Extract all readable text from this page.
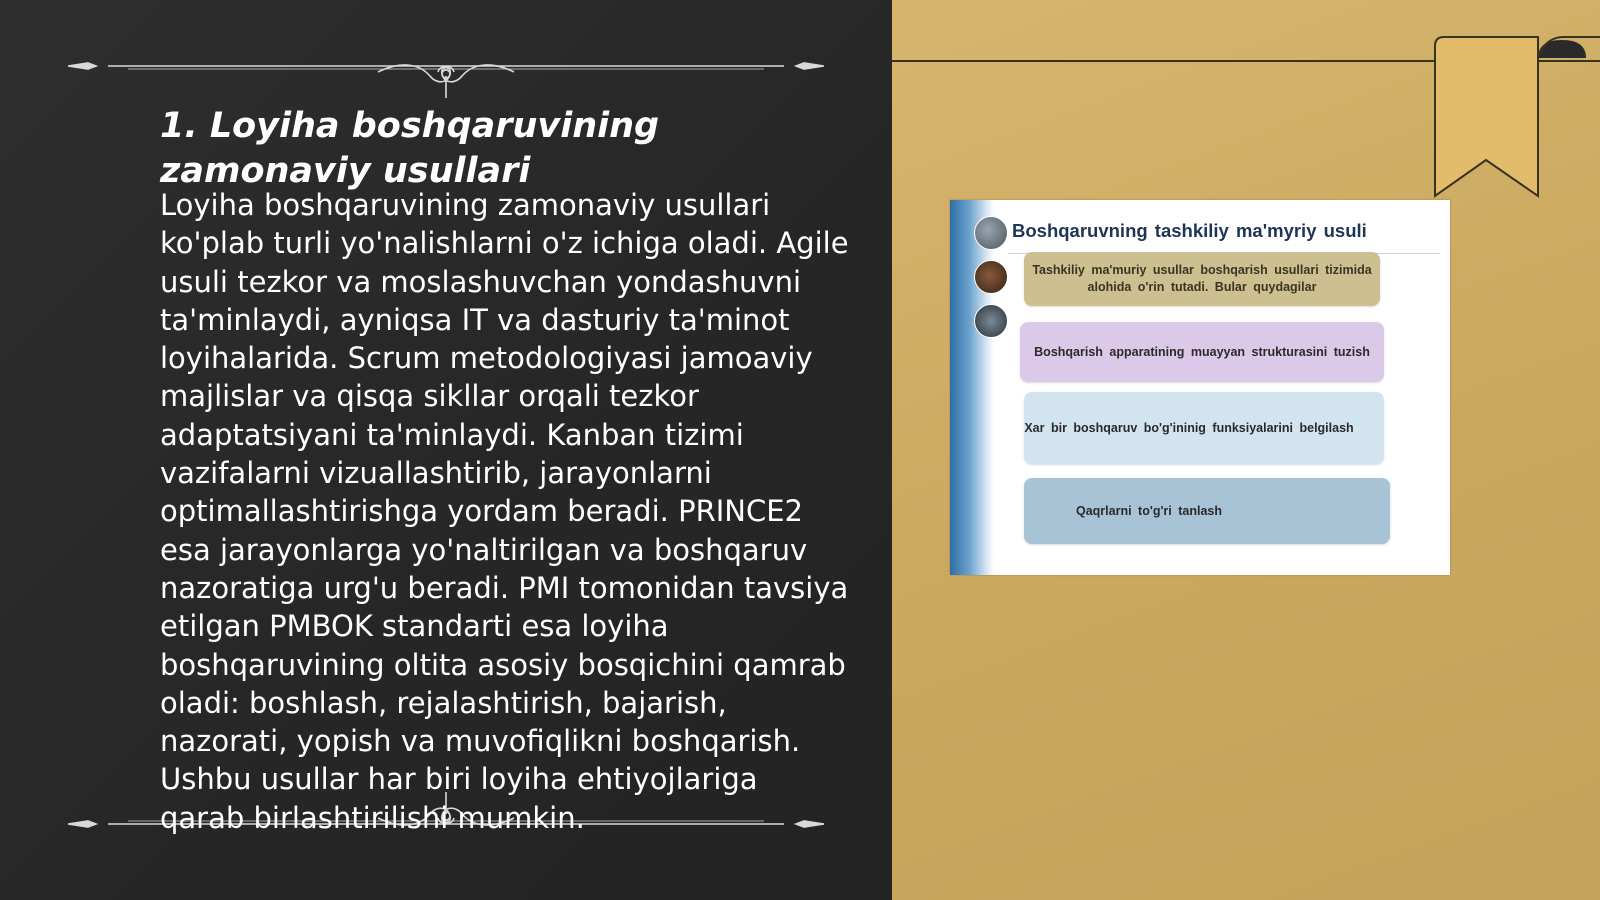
1. Loyiha boshqaruvining zamonaviy usullari

Loyiha boshqaruvining zamonaviy usullari ko'plab turli yo'nalishlarni o'z ichiga oladi. Agile usuli tezkor va moslashuvchan yondashuvni ta'minlaydi, ayniqsa IT va dasturiy ta'minot loyihalarida. Scrum metodologiyasi jamoaviy majlislar va qisqa sikllar orqali tezkor adaptatsiyani ta'minlaydi. Kanban tizimi vazifalarni vizuallashtirib, jarayonlarni optimallashtirishga yordam beradi. PRINCE2 esa jarayonlarga yo'naltirilgan va boshqaruv nazoratiga urg'u beradi. PMI tomonidan tavsiya etilgan PMBOK standarti esa loyiha boshqaruvining oltita asosiy bosqichini qamrab oladi: boshlash, rejalashtirish, bajarish, nazorati, yopish va muvofiqlikni boshqarish. Ushbu usullar har biri loyiha ehtiyojlariga qarab birlashtirilishi mumkin.

Boshqaruvning tashkiliy ma'myriy usuli
Tashkiliy ma'muriy usullar boshqarish usullari tizimida alohida o'rin tutadi. Bular quydagilar
Boshqarish apparatining muayyan strukturasini tuzish
Xar bir boshqaruv bo'g'ininig funksiyalarini belgilash
Qaqrlarni to'g'ri tanlash
